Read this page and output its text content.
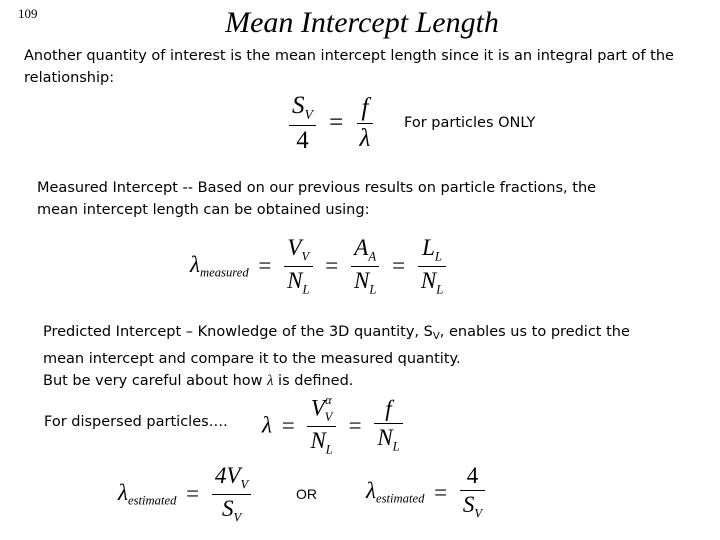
109	Mean Intercept Length
Another quantity of interest is the mean intercept length since it is an integral part of the
relationship:
$\frac{S_V}{4} = \frac{f}{\lambda}$ For particles ONLY
Measured Intercept -- Based on our previous results on particle fractions, the
mean intercept length can be obtained using:
λmeasured = $\frac{V_V}{N_L} = \frac{A_A}{N_L} = \frac{L_L}{N_L}$
Predicted Intercept – Knowledge of the 3D quantity, $S_V$, enables us to predict the
mean intercept and compare it to the measured quantity.
But be very careful about how λ is defined.
For dispersed particles…. $\lambda = \frac{V^\alpha_V}{N_L} = \frac{f}{N_L}$
λestimated = $\frac{4V_V}{S_V}$	OR λestimated = $\frac{4}{S_V}$
